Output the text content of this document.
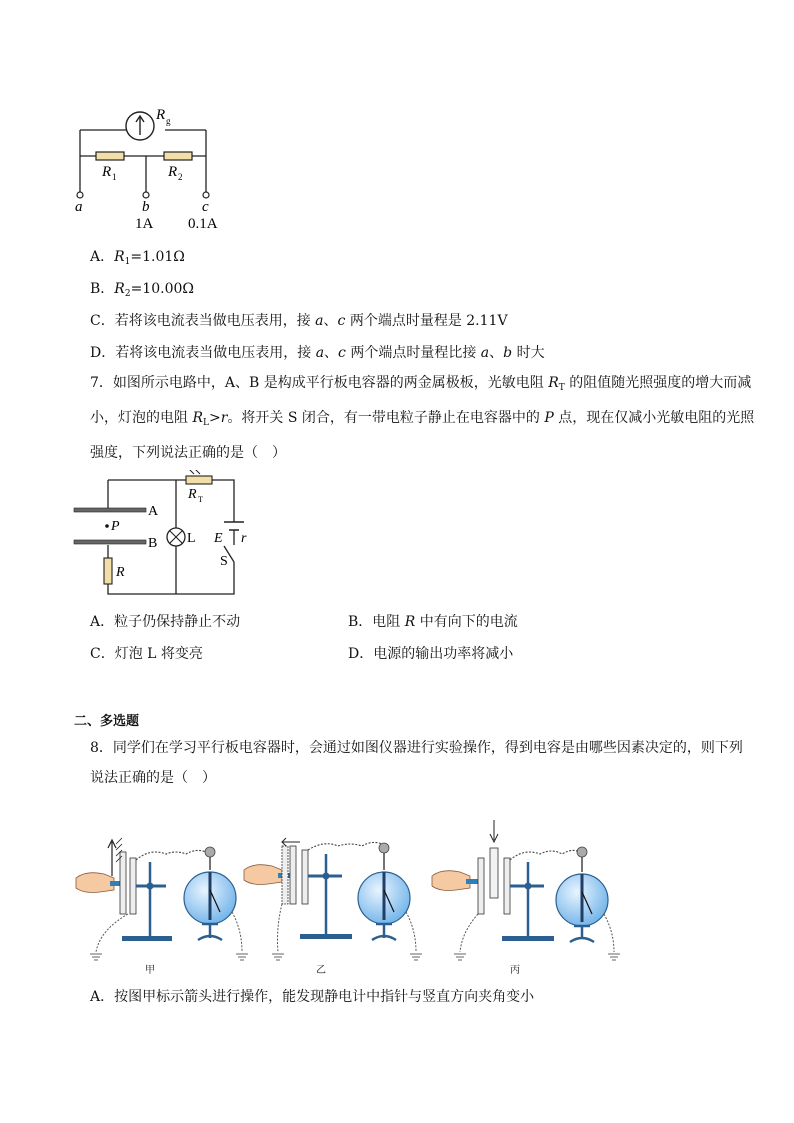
R g
R 1	R 2
a	b	c
1A 0.1A
A．$R_1=1.01\Omega$
B．$R_2=10.00\Omega$
C．若将该电流表当做电压表用，接 a、c 两个端点时量程是 2.11V
D．若将该电流表当做电压表用，接 a、c 两个端点时量程比接 a、b 时大
7．如图所示电路中，A、B 是构成平行板电容器的两金属极板，光敏电阻 $R_T$ 的阻值随光照强度的增大而减
小，灯泡的电阻 $R_L>r$。将开关 S 闭合，有一带电粒子静止在电容器中的 P 点，现在仅减小光敏电阻的光照
强度，下列说法正确的是（　）
A
B
P
L
R T
E r
S
R
A．粒子仍保持静止不动	B．电阻 R 中有向下的电流
C．灯泡 L 将变亮	D．电源的输出功率将减小
二、多选题
8．同学们在学习平行板电容器时，会通过如图仪器进行实验操作，得到电容是由哪些因素决定的，则下列
说法正确的是（　）
甲	乙	丙
A．按图甲标示箭头进行操作，能发现静电计中指针与竖直方向夹角变小
